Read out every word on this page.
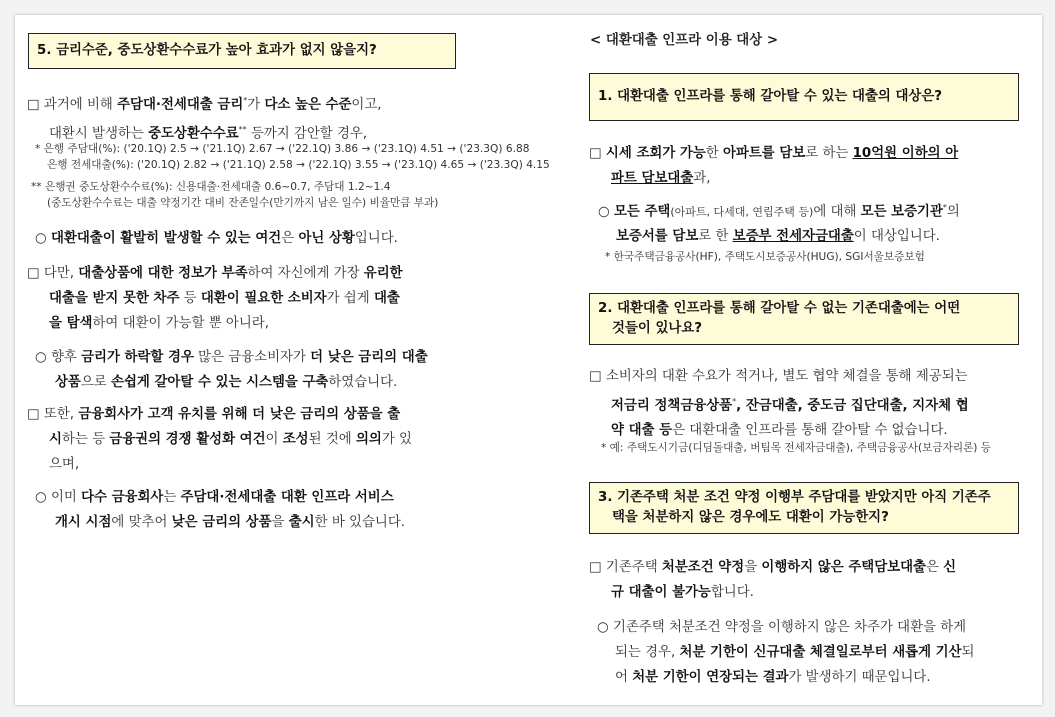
5. 금리수준, 중도상환수수료가 높아 효과가 없지 않을지?
□ 과거에 비해 주담대·전세대출 금리*가 다소 높은 수준이고,
대환시 발생하는 중도상환수수료** 등까지 감안할 경우,
* 은행 주담대(%): ('20.1Q) 2.5 → ('21.1Q) 2.67 → ('22.1Q) 3.86 → ('23.1Q) 4.51 → ('23.3Q) 6.88
은행 전세대출(%): ('20.1Q) 2.82 → ('21.1Q) 2.58 → ('22.1Q) 3.55 → ('23.1Q) 4.65 → ('23.3Q) 4.15
** 은행권 중도상환수수료(%): 신용대출·전세대출 0.6~0.7, 주담대 1.2~1.4
(중도상환수수료는 대출 약정기간 대비 잔존일수(만기까지 남은 일수) 비율만큼 부과)
○ 대환대출이 활발히 발생할 수 있는 여건은 아닌 상황입니다.
□ 다만, 대출상품에 대한 정보가 부족하여 자신에게 가장 유리한
대출을 받지 못한 차주 등 대환이 필요한 소비자가 쉽게 대출
을 탐색하여 대환이 가능할 뿐 아니라,
○ 향후 금리가 하락할 경우 많은 금융소비자가 더 낮은 금리의 대출
상품으로 손쉽게 갈아탈 수 있는 시스템을 구축하였습니다.
□ 또한, 금융회사가 고객 유치를 위해 더 낮은 금리의 상품을 출
시하는 등 금융권의 경쟁 활성화 여건이 조성된 것에 의의가 있
으며,
○ 이미 다수 금융회사는 주담대·전세대출 대환 인프라 서비스
개시 시점에 맞추어 낮은 금리의 상품을 출시한 바 있습니다.
< 대환대출 인프라 이용 대상 >
1. 대환대출 인프라를 통해 갈아탈 수 있는 대출의 대상은?
□ 시세 조회가 가능한 아파트를 담보로 하는 10억원 이하의 아
파트 담보대출과,
○ 모든 주택(아파트, 다세대, 연립주택 등)에 대해 모든 보증기관*의
보증서를 담보로 한 보증부 전세자금대출이 대상입니다.
* 한국주택금융공사(HF), 주택도시보증공사(HUG), SGI서울보증보험
2. 대환대출 인프라를 통해 갈아탈 수 없는 기존대출에는 어떤
것들이 있나요?
□ 소비자의 대환 수요가 적거나, 별도 협약 체결을 통해 제공되는
저금리 정책금융상품*, 잔금대출, 중도금 집단대출, 지자체 협
약 대출 등은 대환대출 인프라를 통해 갈아탈 수 없습니다.
* 예: 주택도시기금(디딤돌대출, 버팀목 전세자금대출), 주택금융공사(보금자리론) 등
3. 기존주택 처분 조건 약정 이행부 주담대를 받았지만 아직 기존주
택을 처분하지 않은 경우에도 대환이 가능한지?
□ 기존주택 처분조건 약정을 이행하지 않은 주택담보대출은 신
규 대출이 불가능합니다.
○ 기존주택 처분조건 약정을 이행하지 않은 차주가 대환을 하게
되는 경우, 처분 기한이 신규대출 체결일로부터 새롭게 기산되
어 처분 기한이 연장되는 결과가 발생하기 때문입니다.
